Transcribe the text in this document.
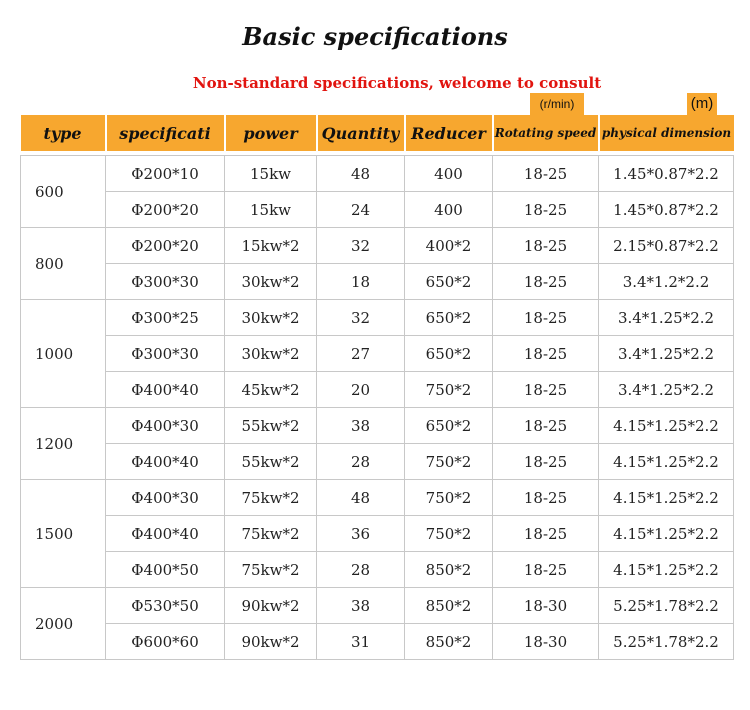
Basic specifications
Non-standard specifications, welcome to consult
(r/min)	(m)
type	specificati	power	Quantity	Reducer	Rotating speed	physical dimension

600	Φ200*10	15kw	48	400	18-25	1.45*0.87*2.2
	Φ200*20	15kw	24	400	18-25	1.45*0.87*2.2
800	Φ200*20	15kw*2	32	400*2	18-25	2.15*0.87*2.2
	Φ300*30	30kw*2	18	650*2	18-25	3.4*1.2*2.2
1000	Φ300*25	30kw*2	32	650*2	18-25	3.4*1.25*2.2
	Φ300*30	30kw*2	27	650*2	18-25	3.4*1.25*2.2
	Φ400*40	45kw*2	20	750*2	18-25	3.4*1.25*2.2
1200	Φ400*30	55kw*2	38	650*2	18-25	4.15*1.25*2.2
	Φ400*40	55kw*2	28	750*2	18-25	4.15*1.25*2.2
1500	Φ400*30	75kw*2	48	750*2	18-25	4.15*1.25*2.2
	Φ400*40	75kw*2	36	750*2	18-25	4.15*1.25*2.2
	Φ400*50	75kw*2	28	850*2	18-25	4.15*1.25*2.2
2000	Φ530*50	90kw*2	38	850*2	18-30	5.25*1.78*2.2
	Φ600*60	90kw*2	31	850*2	18-30	5.25*1.78*2.2
